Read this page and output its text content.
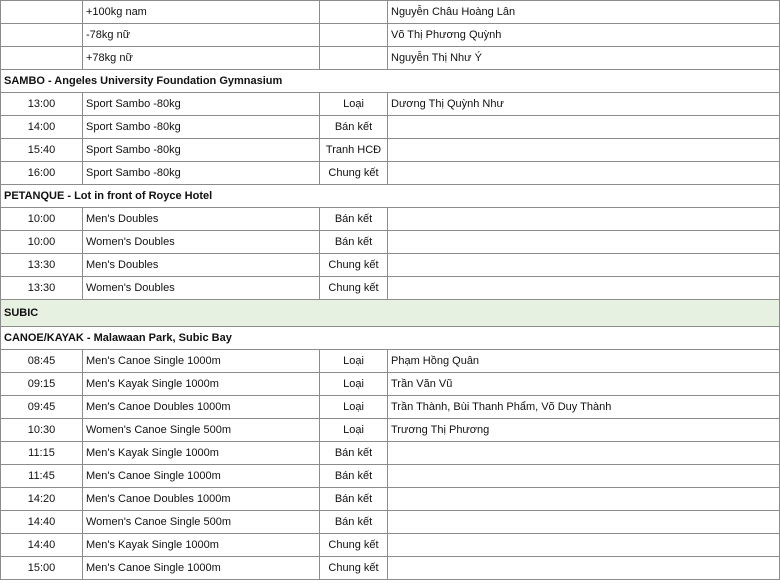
	+100kg nam		Nguyễn Châu Hoàng Lân
	-78kg nữ		Võ Thị Phương Quỳnh
	+78kg nữ		Nguyễn Thị Như Ý
SAMBO - Angeles University Foundation Gymnasium			
13:00	Sport Sambo -80kg	Loại	Dương Thị Quỳnh Như
14:00	Sport Sambo -80kg	Bán kết	
15:40	Sport Sambo -80kg	Tranh HCĐ	
16:00	Sport Sambo -80kg	Chung kết	
PETANQUE - Lot in front of Royce Hotel			
10:00	Men's Doubles	Bán kết	
10:00	Women's Doubles	Bán kết	
13:30	Men's Doubles	Chung kết	
13:30	Women's Doubles	Chung kết	
SUBIC			
CANOE/KAYAK - Malawaan Park, Subic Bay			
08:45	Men's Canoe Single 1000m	Loại	Phạm Hồng Quân
09:15	Men's Kayak Single 1000m	Loại	Trần Văn Vũ
09:45	Men's Canoe Doubles 1000m	Loại	Trần Thành, Bùi Thanh Phẩm, Võ Duy Thành
10:30	Women's Canoe Single 500m	Loại	Trương Thị Phương
11:15	Men's Kayak Single 1000m	Bán kết	
11:45	Men's Canoe Single 1000m	Bán kết	
14:20	Men's Canoe Doubles 1000m	Bán kết	
14:40	Women's Canoe Single 500m	Bán kết	
14:40	Men's Kayak Single 1000m	Chung kết	
15:00	Men's Canoe Single 1000m	Chung kết	
